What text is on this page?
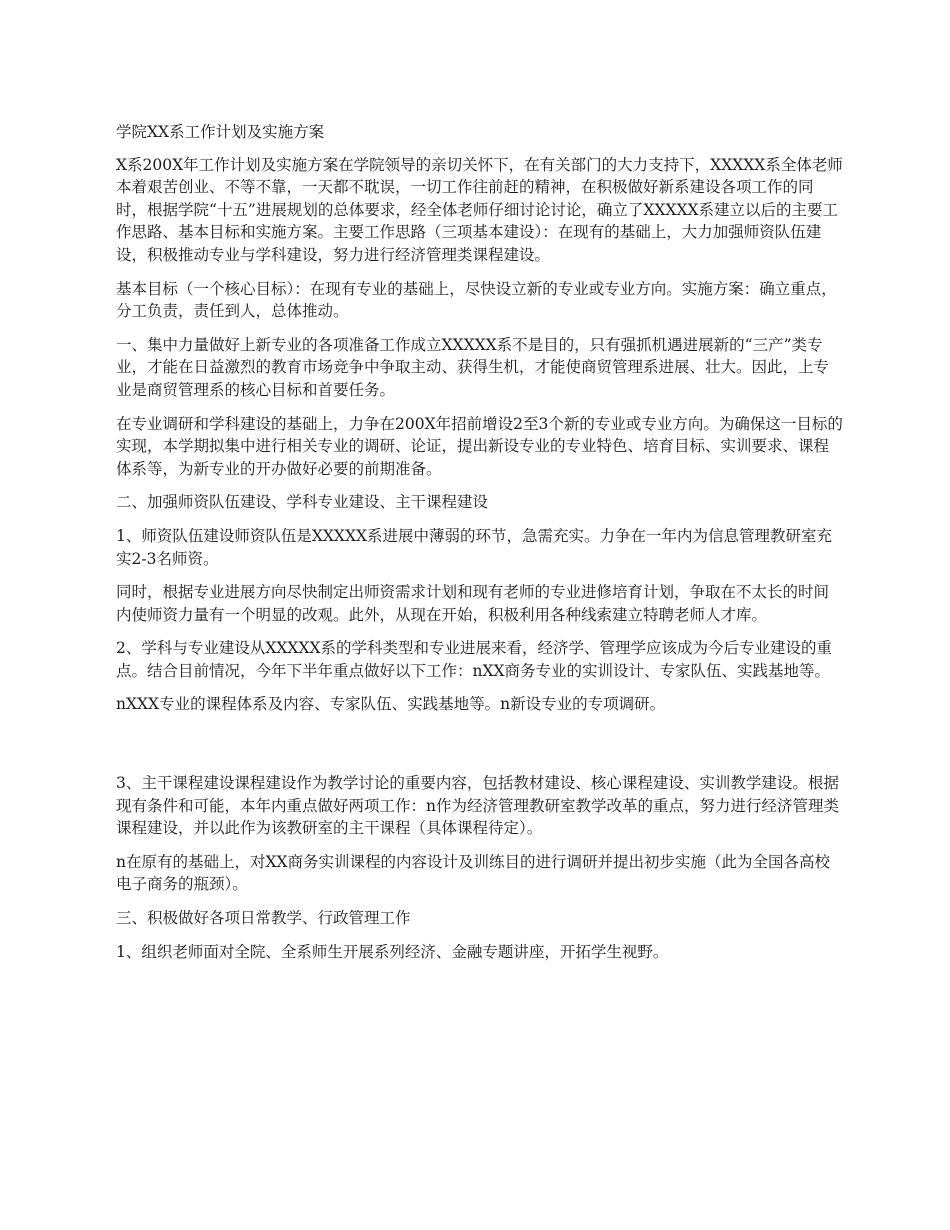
学院XX系工作计划及实施方案

X系200X年工作计划及实施方案在学院领导的亲切关怀下，在有关部门的大力支持下，XXXXX系全体老师本着艰苦创业、不等不靠，一天都不耽误，一切工作往前赶的精神，在积极做好新系建设各项工作的同时，根据学院“十五”进展规划的总体要求，经全体老师仔细讨论讨论，确立了XXXXX系建立以后的主要工作思路、基本目标和实施方案。主要工作思路（三项基本建设）：在现有的基础上，大力加强师资队伍建设，积极推动专业与学科建设，努力进行经济管理类课程建设。

基本目标（一个核心目标）：在现有专业的基础上，尽快设立新的专业或专业方向。实施方案：确立重点，分工负责，责任到人，总体推动。

一、集中力量做好上新专业的各项准备工作成立XXXXX系不是目的，只有强抓机遇进展新的“三产”类专业，才能在日益激烈的教育市场竞争中争取主动、获得生机，才能使商贸管理系进展、壮大。因此，上专业是商贸管理系的核心目标和首要任务。

在专业调研和学科建设的基础上，力争在200X年招前增设2至3个新的专业或专业方向。为确保这一目标的实现，本学期拟集中进行相关专业的调研、论证，提出新设专业的专业特色、培育目标、实训要求、课程体系等，为新专业的开办做好必要的前期准备。

二、加强师资队伍建设、学科专业建设、主干课程建设

1、师资队伍建设师资队伍是XXXXX系进展中薄弱的环节，急需充实。力争在一年内为信息管理教研室充实2-3名师资。

同时，根据专业进展方向尽快制定出师资需求计划和现有老师的专业进修培育计划，争取在不太长的时间内使师资力量有一个明显的改观。此外，从现在开始，积极利用各种线索建立特聘老师人才库。

2、学科与专业建设从XXXXX系的学科类型和专业进展来看，经济学、管理学应该成为今后专业建设的重点。结合目前情况，今年下半年重点做好以下工作：nXX商务专业的实训设计、专家队伍、实践基地等。

nXXX专业的课程体系及内容、专家队伍、实践基地等。n新设专业的专项调研。

3、主干课程建设课程建设作为教学讨论的重要内容，包括教材建设、核心课程建设、实训教学建设。根据现有条件和可能，本年内重点做好两项工作：n作为经济管理教研室教学改革的重点，努力进行经济管理类课程建设，并以此作为该教研室的主干课程（具体课程待定）。

n在原有的基础上，对XX商务实训课程的内容设计及训练目的进行调研并提出初步实施（此为全国各高校电子商务的瓶颈）。

三、积极做好各项日常教学、行政管理工作

1、组织老师面对全院、全系师生开展系列经济、金融专题讲座，开拓学生视野。
